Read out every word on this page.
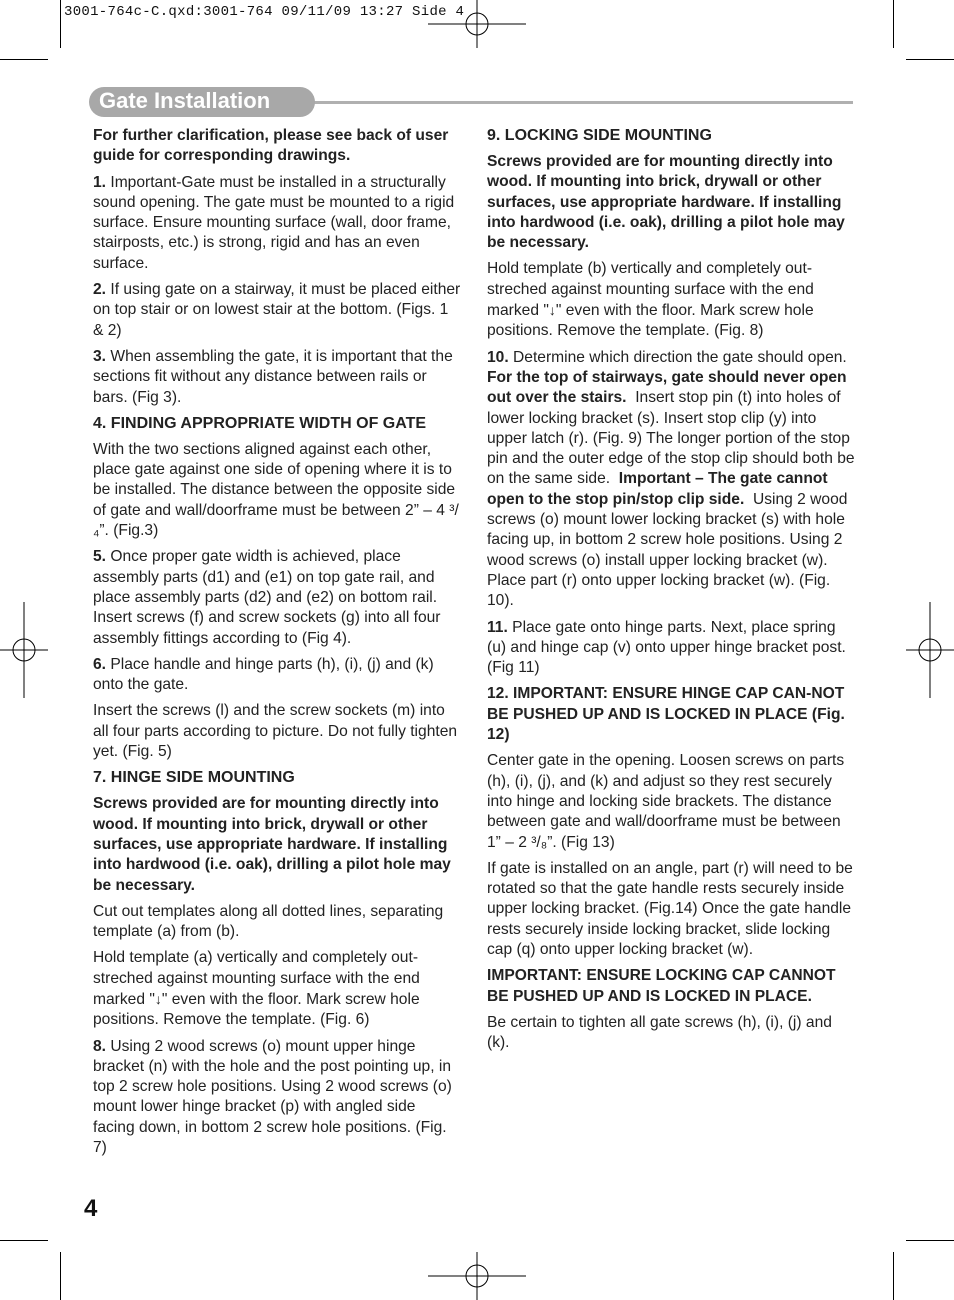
3001-764c-C.qxd:3001-764 09/11/09 13:27 Side 4
Gate Installation

For further clarification, please see back of user guide for corresponding drawings.

1. Important-Gate must be installed in a structurally sound opening. The gate must be mounted to a rigid surface. Ensure mounting surface (wall, door frame, stairposts, etc.) is strong, rigid and has an even surface.

2. If using gate on a stairway, it must be placed either on top stair or on lowest stair at the bottom. (Figs. 1 & 2)

3. When assembling the gate, it is important that the sections fit without any distance between rails or bars. (Fig 3).

4. FINDING APPROPRIATE WIDTH OF GATE

With the two sections aligned against each other, place gate against one side of opening where it is to be installed. The distance between the opposite side of gate and wall/doorframe must be between 2” – 4 ³/₄”. (Fig.3)

5. Once proper gate width is achieved, place assembly parts (d1) and (e1) on top gate rail, and place assembly parts (d2) and (e2) on bottom rail. Insert screws (f) and screw sockets (g) into all four assembly fittings according to (Fig 4).

6. Place handle and hinge parts (h), (i), (j) and (k) onto the gate.

Insert the screws (l) and the screw sockets (m) into all four parts according to picture. Do not fully tighten yet. (Fig. 5)

7. HINGE SIDE MOUNTING

Screws provided are for mounting directly into wood. If mounting into brick, drywall or other surfaces, use appropriate hardware. If installing into hardwood (i.e. oak), drilling a pilot hole may be necessary.

Cut out templates along all dotted lines, separating template (a) from (b).

Hold template (a) vertically and completely out-streched against mounting surface with the end marked "↓" even with the floor. Mark screw hole positions. Remove the template. (Fig. 6)

8. Using 2 wood screws (o) mount upper hinge bracket (n) with the hole and the post pointing up, in top 2 screw hole positions. Using 2 wood screws (o) mount lower hinge bracket (p) with angled side facing down, in bottom 2 screw hole positions. (Fig. 7)

9. LOCKING SIDE MOUNTING

Screws provided are for mounting directly into wood. If mounting into brick, drywall or other surfaces, use appropriate hardware. If installing into hardwood (i.e. oak), drilling a pilot hole may be necessary.

Hold template (b) vertically and completely out-streched against mounting surface with the end marked "↓" even with the floor. Mark screw hole positions. Remove the template. (Fig. 8)

10. Determine which direction the gate should open. For the top of stairways, gate should never open out over the stairs. Insert stop pin (t) into holes of lower locking bracket (s). Insert stop clip (y) into upper latch (r). (Fig. 9) The longer portion of the stop pin and the outer edge of the stop clip should both be on the same side. Important – The gate cannot open to the stop pin/stop clip side. Using 2 wood screws (o) mount lower locking bracket (s) with hole facing up, in bottom 2 screw hole positions. Using 2 wood screws (o) install upper locking bracket (w). Place part (r) onto upper locking bracket (w). (Fig. 10).

11. Place gate onto hinge parts. Next, place spring (u) and hinge cap (v) onto upper hinge bracket post. (Fig 11)

12. IMPORTANT: ENSURE HINGE CAP CAN-NOT BE PUSHED UP AND IS LOCKED IN PLACE (Fig. 12)

Center gate in the opening. Loosen screws on parts (h), (i), (j), and (k) and adjust so they rest securely into hinge and locking side brackets. The distance between gate and wall/doorframe must be between 1” – 2 ³/₈”. (Fig 13)

If gate is installed on an angle, part (r) will need to be rotated so that the gate handle rests securely inside upper locking bracket. (Fig.14) Once the gate handle rests securely inside locking bracket, slide locking cap (q) onto upper locking bracket (w).

IMPORTANT: ENSURE LOCKING CAP CANNOT BE PUSHED UP AND IS LOCKED IN PLACE.

Be certain to tighten all gate screws (h), (i), (j) and (k).

4
